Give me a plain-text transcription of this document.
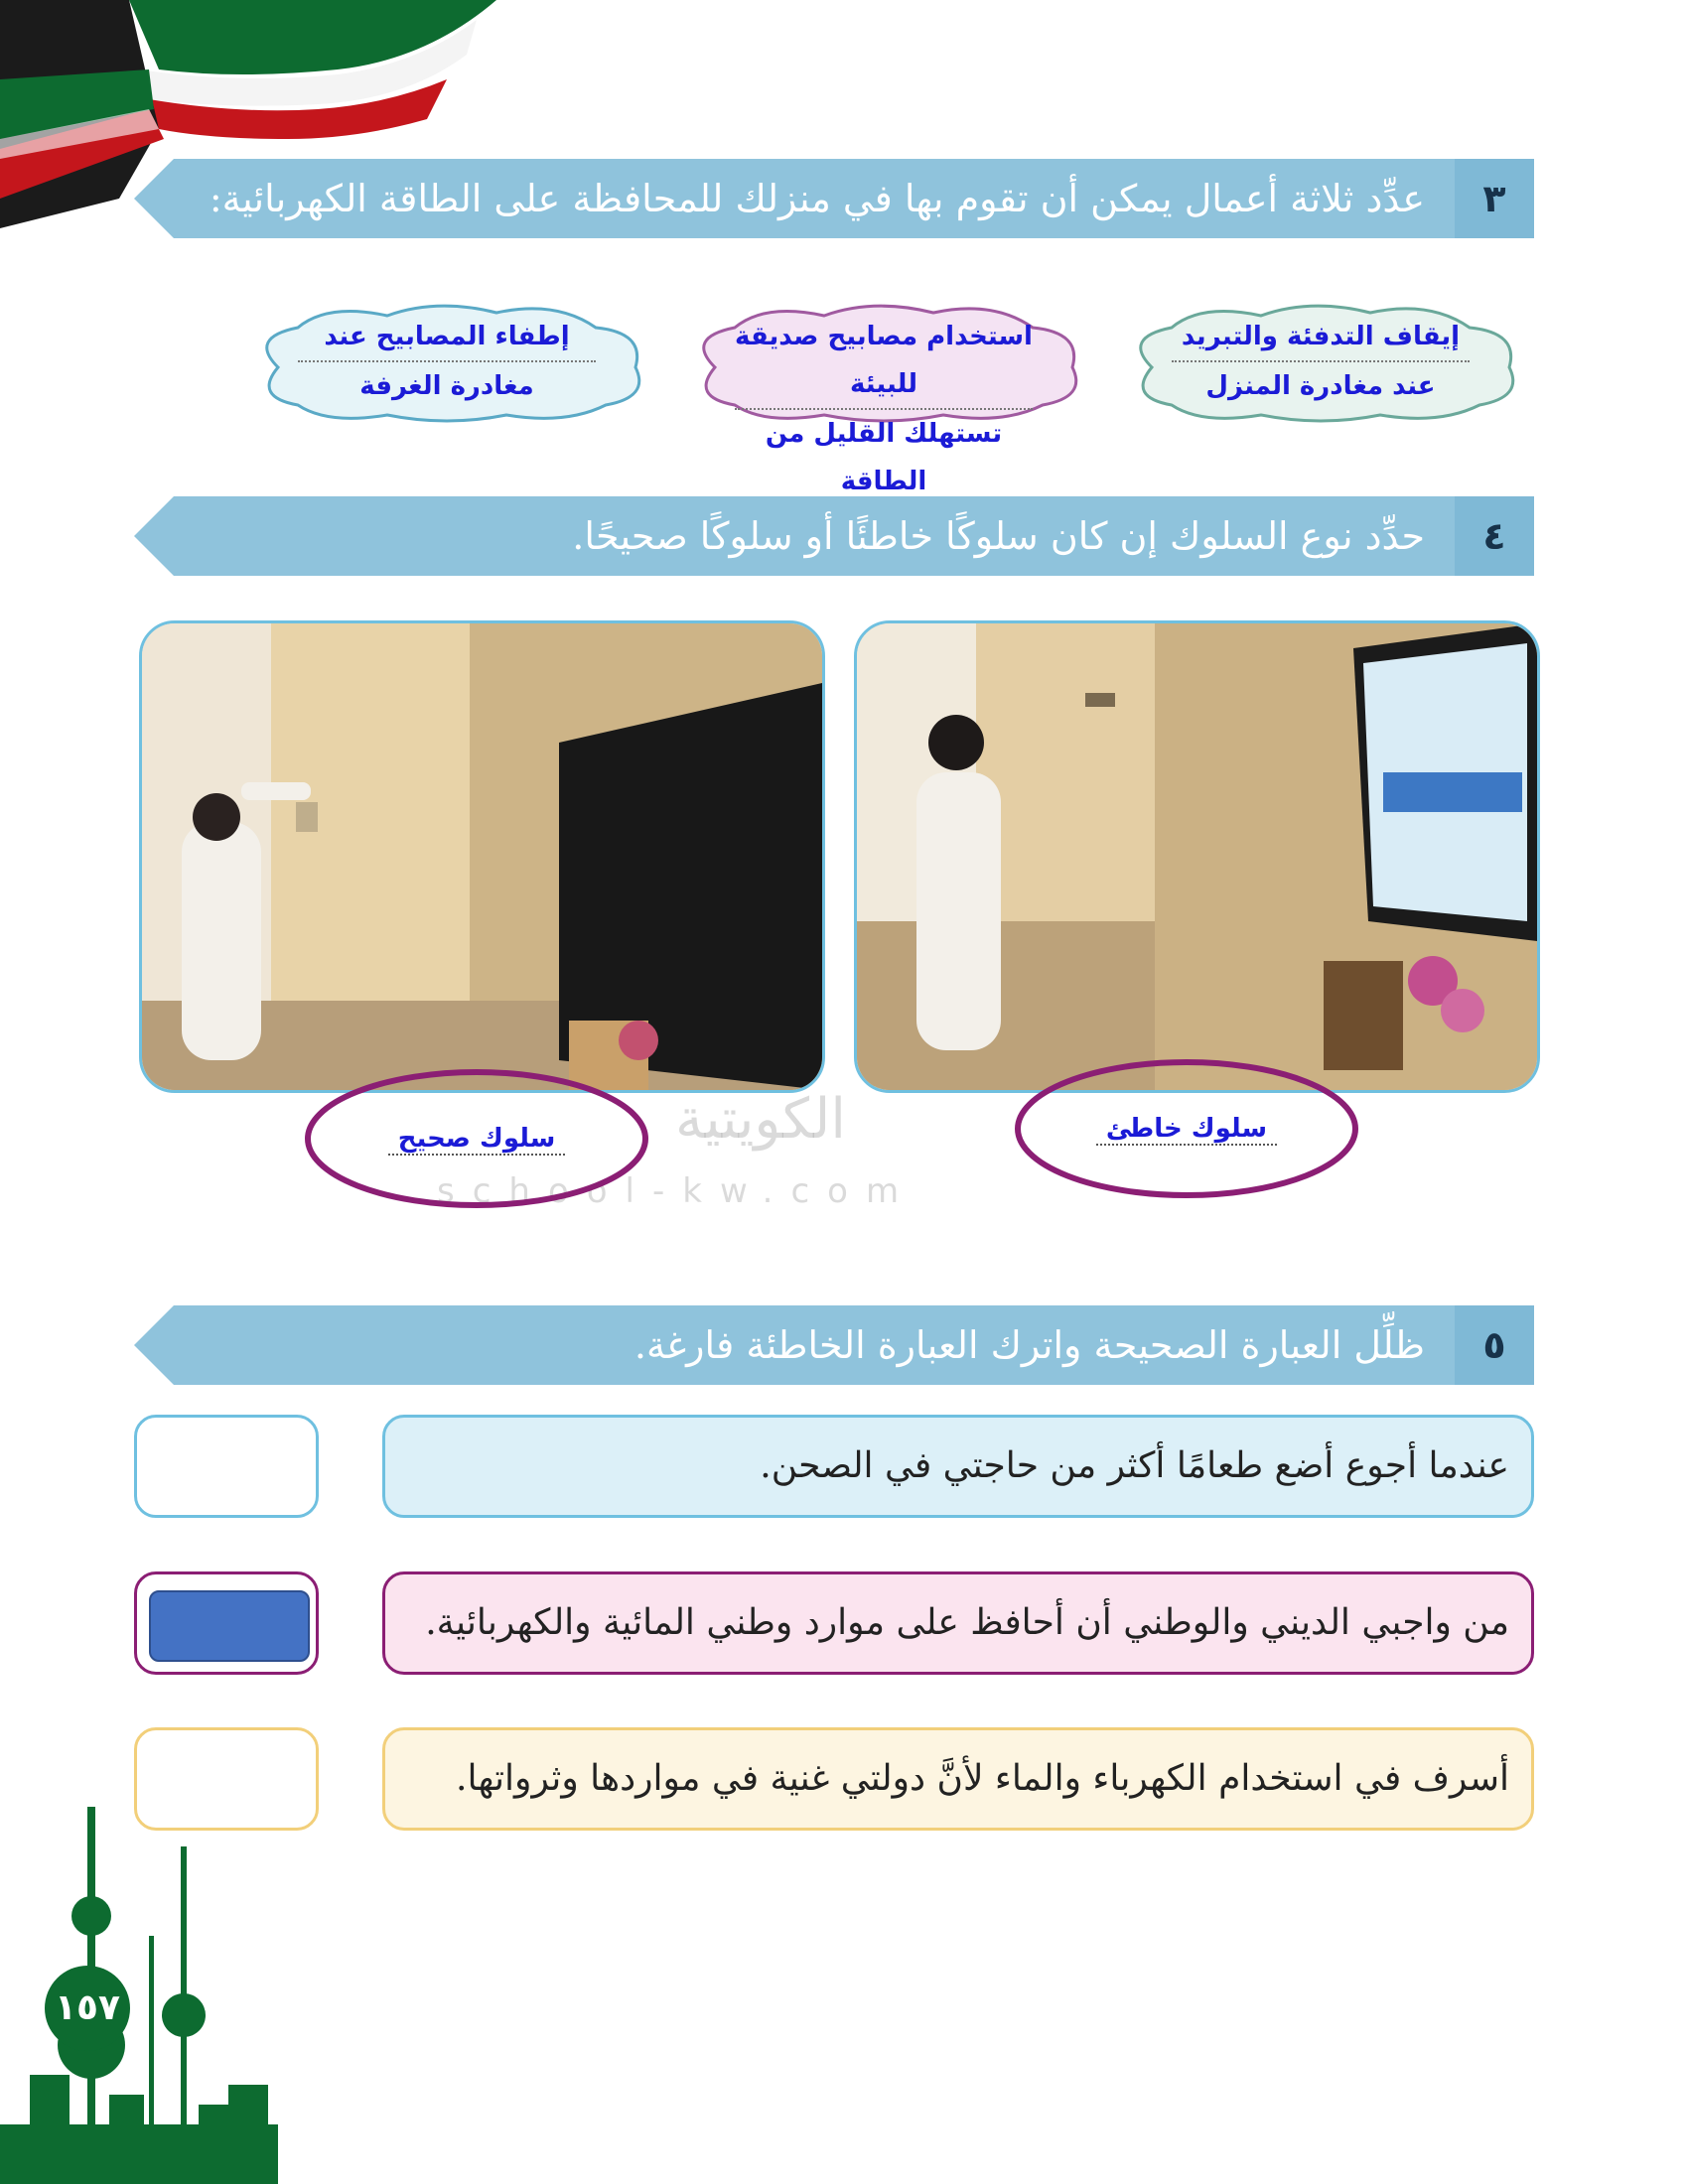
عدِّد ثلاثة أعمال يمكن أن تقوم بها في منزلك للمحافظة على الطاقة الكهربائية:	٣
إيقاف التدفئة والتبريد
عند مغادرة المنزل
استخدام مصابيح صديقة للبيئة
تستهلك القليل من الطاقة
إطفاء المصابيح عند
مغادرة الغرفة
حدِّد نوع السلوك إن كان سلوكًا خاطئًا أو سلوكًا صحيحًا.	٤
الكويتية
school-kw.com
سلوك صحيح	سلوك خاطئ
ظلِّل العبارة الصحيحة واترك العبارة الخاطئة فارغة.	٥
عندما أجوع أضع طعامًا أكثر من حاجتي في الصحن.
من واجبي الديني والوطني أن أحافظ على موارد وطني المائية والكهربائية.
أسرف في استخدام الكهرباء والماء لأنَّ دولتي غنية في مواردها وثرواتها.
١٥٧
